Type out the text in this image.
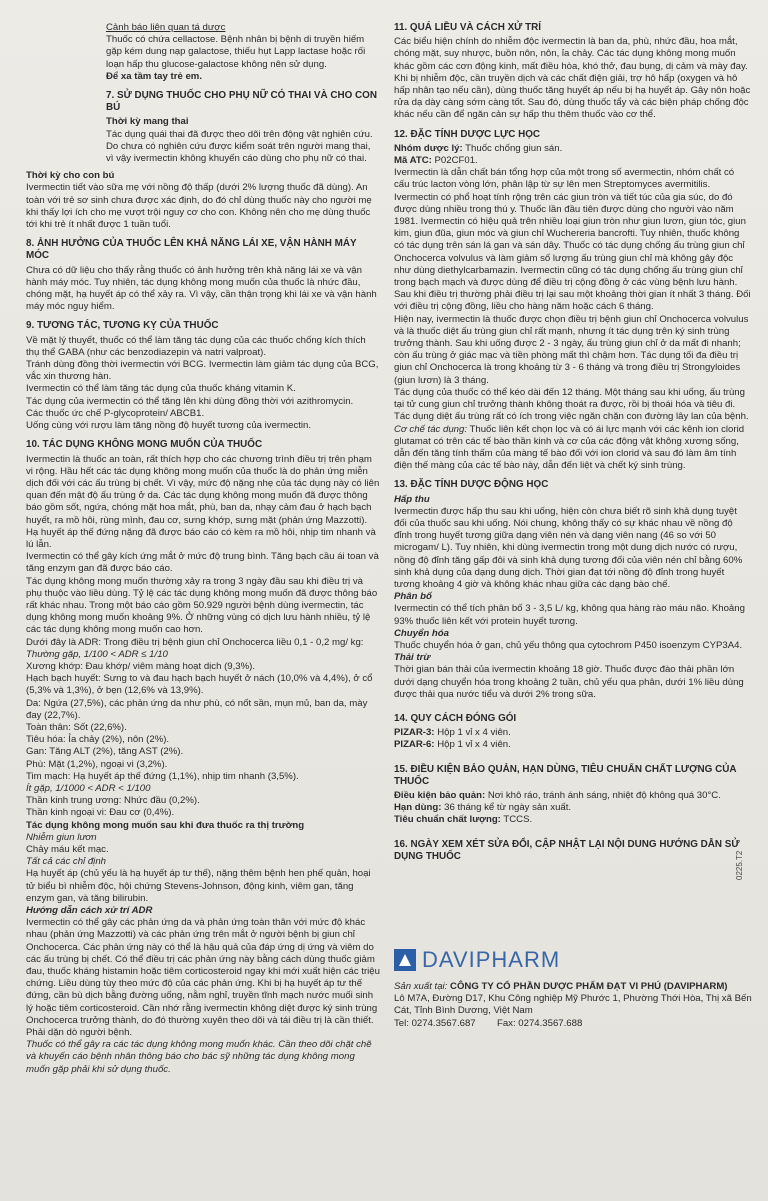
Cảnh báo liên quan tá dược

Thuốc có chứa cellactose. Bệnh nhân bị bệnh di truyền hiếm gặp kém dung nạp galactose, thiếu hụt Lapp lactase hoặc rối loạn hấp thu glucose-galactose không nên sử dụng.

Để xa tầm tay trẻ em.

7. SỬ DỤNG THUỐC CHO PHỤ NỮ CÓ THAI VÀ CHO CON BÚ

Thời kỳ mang thai

Tác dụng quái thai đã được theo dõi trên động vật nghiên cứu. Do chưa có nghiên cứu được kiểm soát trên người mang thai, vì vậy ivermectin không khuyến cáo dùng cho phụ nữ có thai.

Thời kỳ cho con bú

Ivermectin tiết vào sữa mẹ với nồng độ thấp (dưới 2% lượng thuốc đã dùng). An toàn với trẻ sơ sinh chưa được xác định, do đó chỉ dùng thuốc này cho người mẹ khi thấy lợi ích cho mẹ vượt trội nguy cơ cho con. Không nên cho mẹ dùng thuốc tới khi trẻ ít nhất được 1 tuần tuổi.

8. ẢNH HƯỞNG CỦA THUỐC LÊN KHẢ NĂNG LÁI XE, VẬN HÀNH MÁY MÓC

Chưa có dữ liệu cho thấy rằng thuốc có ảnh hưởng trên khả năng lái xe và vận hành máy móc. Tuy nhiên, tác dụng không mong muốn của thuốc là nhức đầu, chóng mặt, hạ huyết áp có thể xảy ra. Vì vậy, cần thận trọng khi lái xe và vận hành máy móc nguy hiểm.

9. TƯƠNG TÁC, TƯƠNG KỴ CỦA THUỐC

Về mặt lý thuyết, thuốc có thể làm tăng tác dụng của các thuốc chống kích thích thụ thể GABA (như các benzodiazepin và natri valproat).

Tránh dùng đồng thời ivermectin với BCG. Ivermectin làm giảm tác dụng của BCG, vắc xin thương hàn.

Ivermectin có thể làm tăng tác dụng của thuốc kháng vitamin K.

Tác dụng của ivermectin có thể tăng lên khi dùng đồng thời với azithromycin.

Các thuốc ức chế P-glycoprotein/ ABCB1.

Uống cùng với rượu làm tăng nồng độ huyết tương của ivermectin.

10. TÁC DỤNG KHÔNG MONG MUỐN CỦA THUỐC

Ivermectin là thuốc an toàn, rất thích hợp cho các chương trình điều trị trên phạm vi rộng. Hầu hết các tác dụng không mong muốn của thuốc là do phản ứng miễn dịch đối với các ấu trùng bị chết. Vì vậy, mức độ nặng nhẹ của tác dụng này có liên quan đến mật độ ấu trùng ở da. Các tác dụng không mong muốn đã được thông báo gồm sốt, ngứa, chóng mặt hoa mắt, phù, ban da, nhạy cảm đau ở hạch bạch huyết, ra mồ hôi, rùng mình, đau cơ, sưng khớp, sưng mặt (phản ứng Mazzotti). Hạ huyết áp thế đứng nặng đã được báo cáo có kèm ra mồ hôi, nhịp tim nhanh và lú lẫn.

Ivermectin có thể gây kích ứng mắt ở mức độ trung bình. Tăng bạch cầu ái toan và tăng enzym gan đã được báo cáo.

Tác dụng không mong muốn thường xảy ra trong 3 ngày đầu sau khi điều trị và phụ thuộc vào liều dùng. Tỷ lệ các tác dụng không mong muốn đã được thông báo rất khác nhau. Trong một báo cáo gồm 50.929 người bệnh dùng ivermectin, tác dụng không mong muốn khoảng 9%. Ở những vùng có dịch lưu hành nhiều, tỷ lệ các tác dụng không mong muốn cao hơn.

Dưới đây là ADR: Trong điều trị bệnh giun chỉ Onchocerca liều 0,1 - 0,2 mg/ kg:

Thường gặp, 1/100 < ADR ≤ 1/10

Xương khớp: Đau khớp/ viêm màng hoạt dịch (9,3%).

Hạch bạch huyết: Sưng to và đau hạch bạch huyết ở nách (10,0% và 4,4%), ở cổ (5,3% và 1,3%), ở bẹn (12,6% và 13,9%).

Da: Ngứa (27,5%), các phản ứng da như phù, có nốt sần, mụn mủ, ban da, mày đay (22,7%).

Toàn thân: Sốt (22,6%).

Tiêu hóa: Ỉa chảy (2%), nôn (2%).

Gan: Tăng ALT (2%), tăng AST (2%).

Phù: Mặt (1,2%), ngoại vi (3,2%).

Tim mạch: Hạ huyết áp thế đứng (1,1%), nhịp tim nhanh (3,5%).

Ít gặp, 1/1000 < ADR < 1/100

Thần kinh trung ương: Nhức đầu (0,2%).

Thần kinh ngoại vi: Đau cơ (0,4%).

Tác dụng không mong muốn sau khi đưa thuốc ra thị trường

Nhiễm giun lươn

Chảy máu kết mạc.

Tất cả các chỉ định

Hạ huyết áp (chủ yếu là hạ huyết áp tư thế), nặng thêm bệnh hen phế quản, hoại tử biểu bì nhiễm độc, hội chứng Stevens-Johnson, động kinh, viêm gan, tăng enzym gan, và tăng bilirubin.

Hướng dẫn cách xử trí ADR

Ivermectin có thể gây các phản ứng da và phản ứng toàn thân với mức độ khác nhau (phản ứng Mazzotti) và các phản ứng trên mắt ở người bệnh bị giun chỉ Onchocerca. Các phản ứng này có thể là hậu quả của đáp ứng dị ứng và viêm do các ấu trùng bị chết. Có thể điều trị các phản ứng này bằng cách dùng thuốc giảm đau, thuốc kháng histamin hoặc tiêm corticosteroid ngay khi mới xuất hiện các triệu chứng. Liều dùng tùy theo mức độ của các phản ứng. Khi bị hạ huyết áp tư thế đứng, cần bù dịch bằng đường uống, nằm nghỉ, truyền tĩnh mạch nước muối sinh lý hoặc tiêm corticosteroid. Cần nhớ rằng ivermectin không diệt được ký sinh trùng Onchocerca trưởng thành, do đó thường xuyên theo dõi và tái điều trị là cần thiết. Phải dặn dò người bệnh.

Thuốc có thể gây ra các tác dụng không mong muốn khác. Cần theo dõi chặt chẽ và khuyến cáo bệnh nhân thông báo cho bác sỹ những tác dụng không mong muốn gặp phải khi sử dụng thuốc.

11. QUÁ LIỀU VÀ CÁCH XỬ TRÍ

Các biểu hiện chính do nhiễm độc ivermectin là ban da, phù, nhức đầu, hoa mắt, chóng mặt, suy nhược, buồn nôn, nôn, ỉa chảy. Các tác dụng không mong muốn khác gồm các cơn động kinh, mất điều hòa, khó thở, đau bụng, dị cảm và mày đay.

Khi bị nhiễm độc, cần truyền dịch và các chất điện giải, trợ hô hấp (oxygen và hô hấp nhân tạo nếu cần), dùng thuốc tăng huyết áp nếu bị hạ huyết áp. Gây nôn hoặc rửa dạ dày càng sớm càng tốt. Sau đó, dùng thuốc tẩy và các biện pháp chống độc khác nếu cần để ngăn cản sự hấp thu thêm thuốc vào cơ thể.

12. ĐẶC TÍNH DƯỢC LỰC HỌC

Nhóm dược lý: Thuốc chống giun sán.

Mã ATC: P02CF01.

Ivermectin là dẫn chất bán tổng hợp của một trong số avermectin, nhóm chất có cấu trúc lacton vòng lớn, phân lập từ sự lên men Streptomyces avermitilis. Ivermectin có phổ hoạt tính rộng trên các giun tròn và tiết túc của gia súc, do đó được dùng nhiều trong thú y. Thuốc lần đầu tiên được dùng cho người vào năm 1981. Ivermectin có hiệu quả trên nhiều loại giun tròn như giun lươn, giun tóc, giun kim, giun đũa, giun móc và giun chỉ Wuchereria bancrofti. Tuy nhiên, thuốc không có tác dụng trên sán lá gan và sán dây. Thuốc có tác dụng chống ấu trùng giun chỉ Onchocerca volvulus và làm giảm số lượng ấu trùng giun chỉ mà không gây độc như dùng diethylcarbamazin. Ivermectin cũng có tác dụng chống ấu trùng giun chỉ trong bạch mạch và được dùng để điều trị cộng đồng ở các vùng bệnh lưu hành. Sau khi điều trị thường phải điều trị lại sau một khoảng thời gian ít nhất 3 tháng. Đối với điều trị cộng đồng, liều cho hàng năm hoặc cách 6 tháng.

Hiện nay, ivermectin là thuốc được chọn điều trị bệnh giun chỉ Onchocerca volvulus và là thuốc diệt ấu trùng giun chỉ rất mạnh, nhưng ít tác dụng trên ký sinh trùng trưởng thành. Sau khi uống được 2 - 3 ngày, ấu trùng giun chỉ ở da mất đi nhanh; còn ấu trùng ở giác mạc và tiền phòng mất thì chậm hơn. Tác dụng tối đa điều trị giun chỉ Onchocerca là trong khoảng từ 3 - 6 tháng và trong điều trị Strongyloides (giun lươn) là 3 tháng.

Tác dụng của thuốc có thể kéo dài đến 12 tháng. Một tháng sau khi uống, ấu trùng tại tử cung giun chỉ trưởng thành không thoát ra được, rồi bị thoái hóa và tiêu đi. Tác dụng diệt ấu trùng rất có ích trong việc ngăn chặn con đường lây lan của bệnh.

Cơ chế tác dụng: Thuốc liên kết chọn lọc và có ái lực mạnh với các kênh ion clorid glutamat có trên các tế bào thần kinh và cơ của các động vật không xương sống, dẫn đến tăng tính thấm của màng tế bào đối với ion clorid và sau đó làm âm tính điện thế màng của các tế bào này, dẫn đến liệt và chết ký sinh trùng.

13. ĐẶC TÍNH DƯỢC ĐỘNG HỌC

Hấp thu

Ivermectin được hấp thu sau khi uống, hiện còn chưa biết rõ sinh khả dụng tuyệt đối của thuốc sau khi uống. Nói chung, không thấy có sự khác nhau về nồng độ đỉnh trong huyết tương giữa dạng viên nén và dạng viên nang (46 so với 50 microgam/ L). Tuy nhiên, khi dùng ivermectin trong một dung dịch nước có rượu, nồng độ đỉnh tăng gấp đôi và sinh khả dụng tương đối của viên nén chỉ bằng 60% sinh khả dụng của dạng dung dịch. Thời gian đạt tới nồng độ đỉnh trong huyết tương khoảng 4 giờ và không khác nhau giữa các dạng bào chế.

Phân bố

Ivermectin có thể tích phân bố 3 - 3,5 L/ kg, không qua hàng rào máu não. Khoảng 93% thuốc liên kết với protein huyết tương.

Chuyển hóa

Thuốc chuyển hóa ở gan, chủ yếu thông qua cytochrom P450 isoenzym CYP3A4.

Thải trừ

Thời gian bán thải của ivermectin khoảng 18 giờ. Thuốc được đào thải phần lớn dưới dạng chuyển hóa trong khoảng 2 tuần, chủ yếu qua phân, dưới 1% liều dùng được thải qua nước tiểu và dưới 2% trong sữa.

14. QUY CÁCH ĐÓNG GÓI

PIZAR-3: Hộp 1 vỉ x 4 viên.

PIZAR-6: Hộp 1 vỉ x 4 viên.

15. ĐIỀU KIỆN BẢO QUẢN, HẠN DÙNG, TIÊU CHUẨN CHẤT LƯỢNG CỦA THUỐC

Điều kiện bảo quản: Nơi khô ráo, tránh ánh sáng, nhiệt độ không quá 30°C.

Hạn dùng: 36 tháng kể từ ngày sản xuất.

Tiêu chuẩn chất lượng: TCCS.

16. NGÀY XEM XÉT SỬA ĐỔI, CẬP NHẬT LẠI NỘI DUNG HƯỚNG DẪN SỬ DỤNG THUỐC
DAVIPHARM

Sản xuất tại: CÔNG TY CỔ PHẦN DƯỢC PHẨM ĐẠT VI PHÚ (DAVIPHARM)

Lô M7A, Đường D17, Khu Công nghiệp Mỹ Phước 1, Phường Thới Hòa, Thị xã Bến Cát, Tỉnh Bình Dương, Việt Nam

Tel: 0274.3567.687 Fax: 0274.3567.688

0225.T2
